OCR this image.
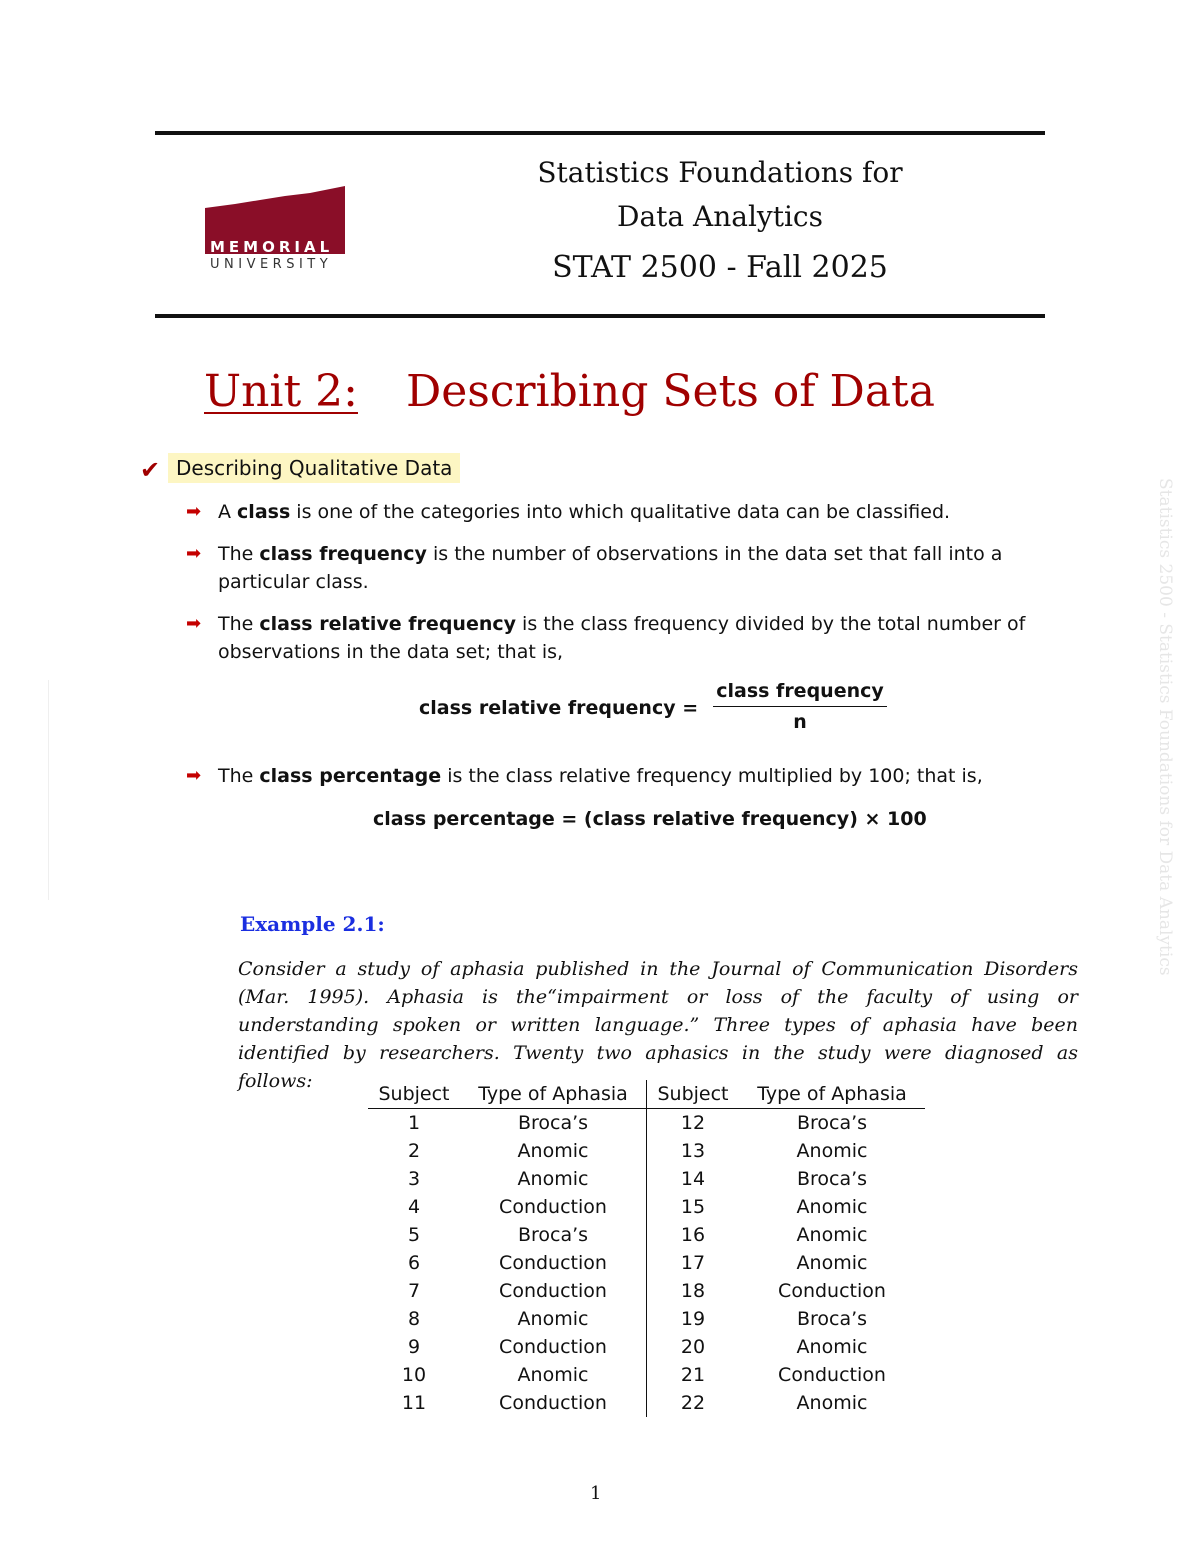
MEMORIAL
UNIVERSITY
Statistics Foundations for
Data Analytics
STAT 2500 - Fall 2025
Unit 2: Describing Sets of Data
✔ Describing Qualitative Data
➡ A class is one of the categories into which qualitative data can be classified.
➡ The class frequency is the number of observations in the data set that fall into a particular class.
➡ The class relative frequency is the class frequency divided by the total number of observations in the data set; that is,
class relative frequency =
class frequency
n
➡ The class percentage is the class relative frequency multiplied by 100; that is,
class percentage = (class relative frequency) × 100
Example 2.1:
Consider a study of aphasia published in the Journal of Communication Disorders (Mar. 1995). Aphasia is the“impairment or loss of the faculty of using or understanding spoken or written language.” Three types of aphasia have been identified by researchers. Twenty two aphasics in the study were diagnosed as follows:
Subject	Type of Aphasia	Subject	Type of Aphasia
1	Broca’s	12	Broca’s
2	Anomic	13	Anomic
3	Anomic	14	Broca’s
4	Conduction	15	Anomic
5	Broca’s	16	Anomic
6	Conduction	17	Anomic
7	Conduction	18	Conduction
8	Anomic	19	Broca’s
9	Conduction	20	Anomic
10	Anomic	21	Conduction
11	Conduction	22	Anomic
Statistics 2500 - Statistics Foundations for Data Analytics
1
